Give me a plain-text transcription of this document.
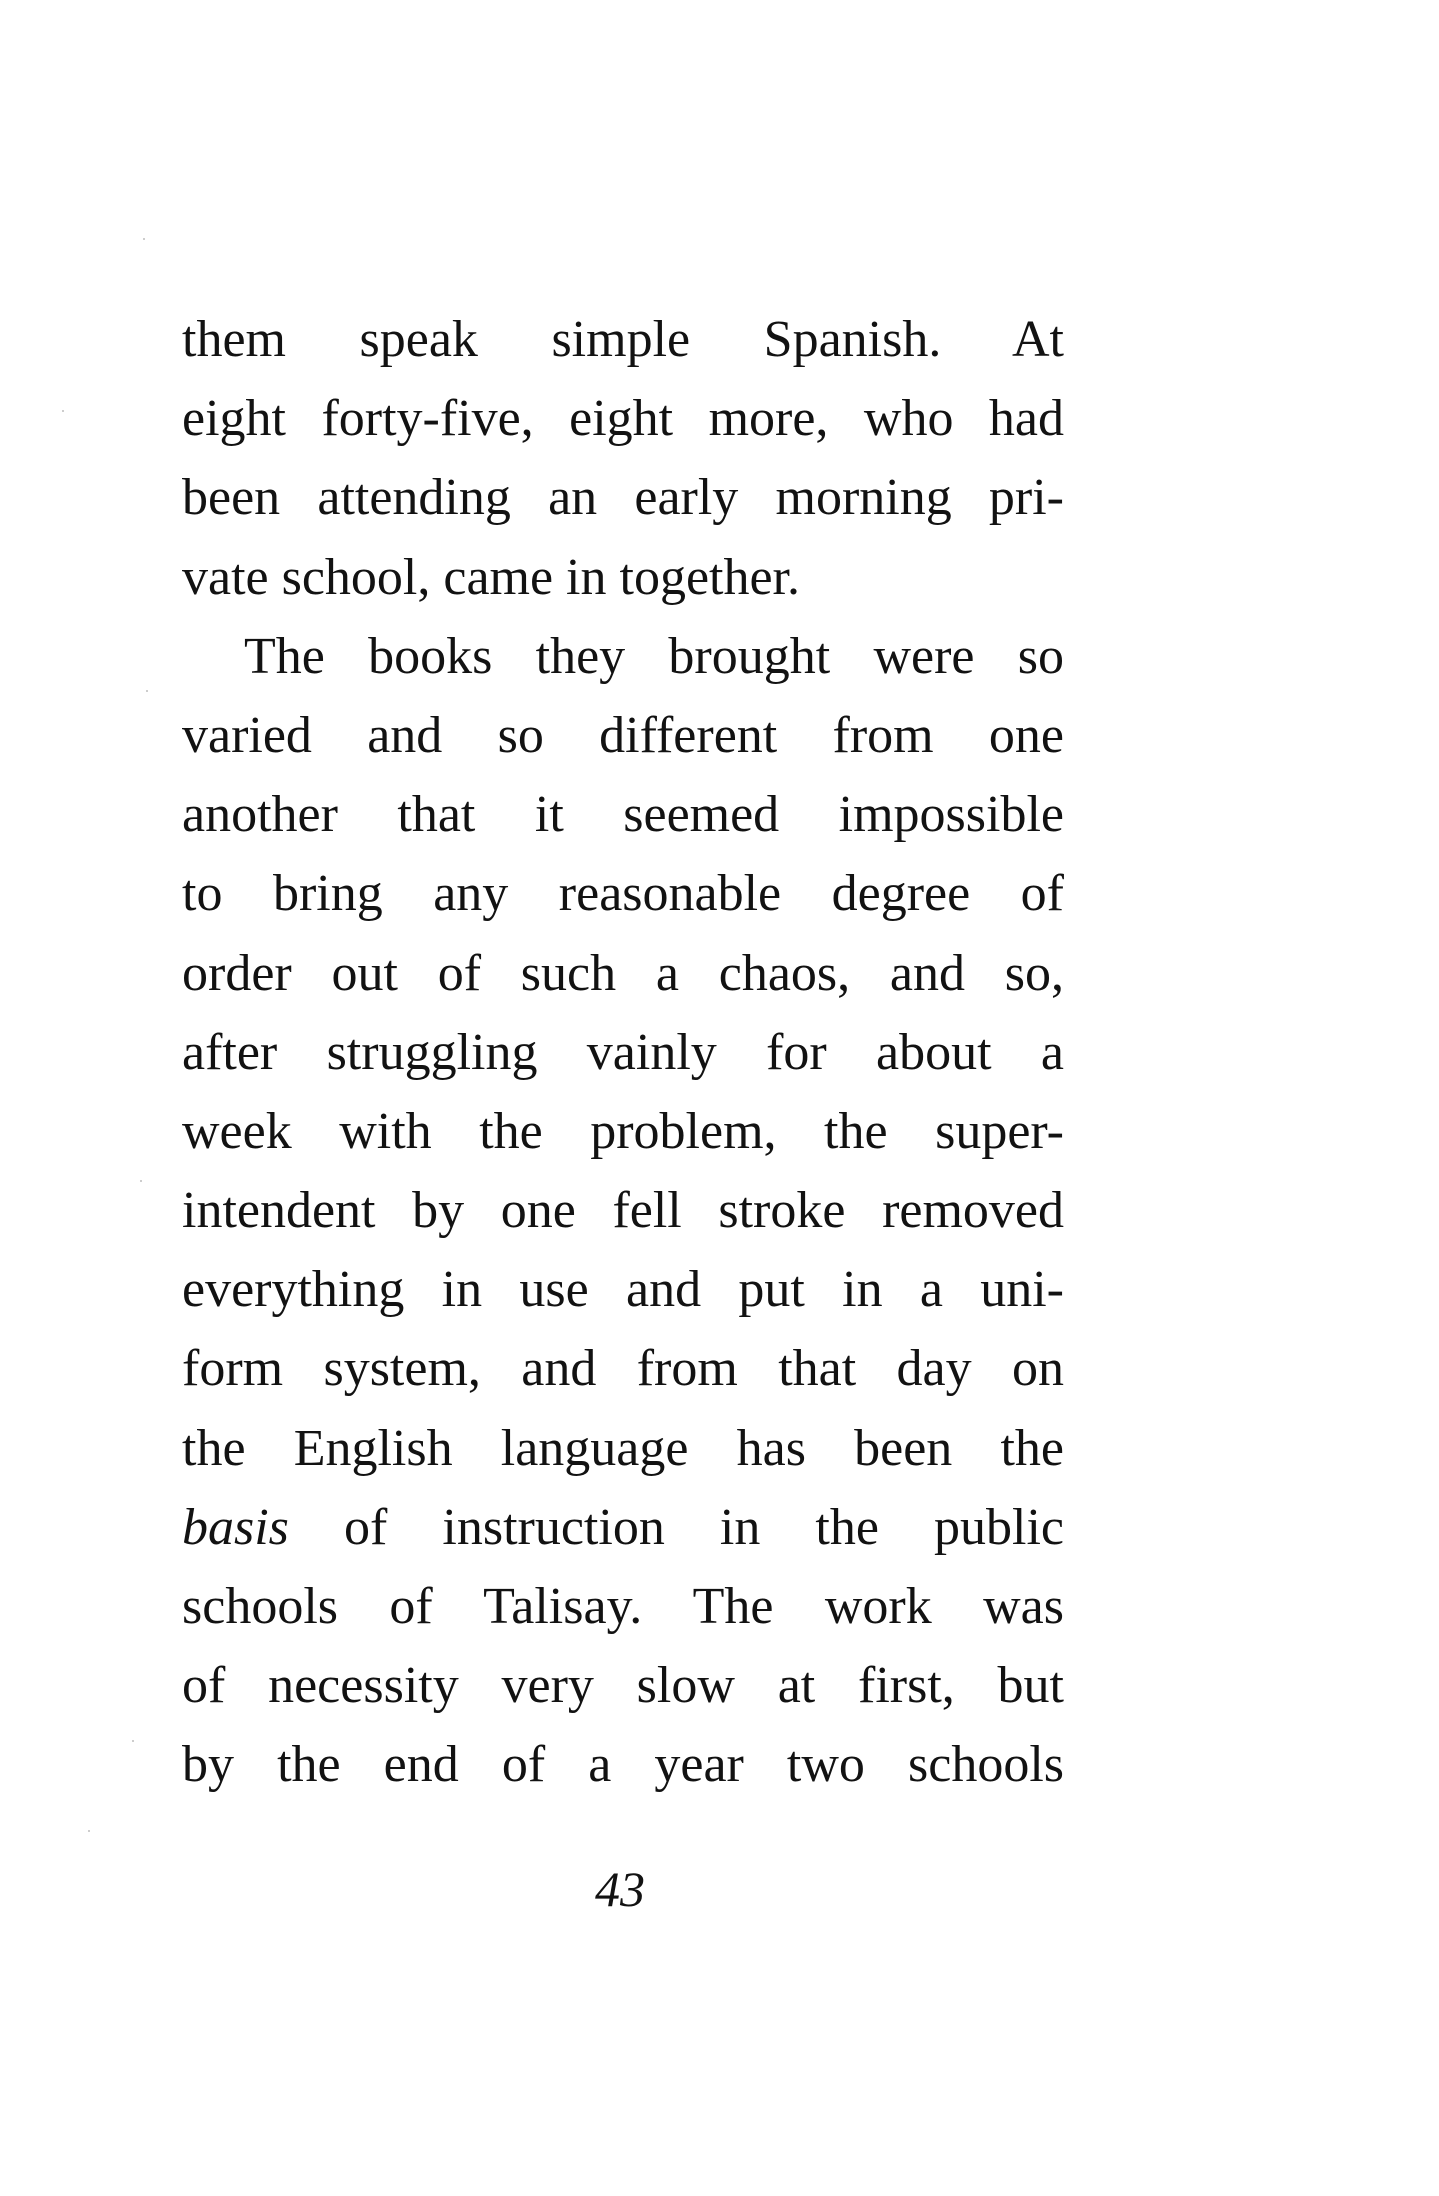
them speak simple Spanish. At
eight forty-five, eight more, who had
been attending an early morning pri-
vate school, came in together.
The books they brought were so
varied and so different from one
another that it seemed impossible
to bring any reasonable degree of
order out of such a chaos, and so,
after struggling vainly for about a
week with the problem, the super-
intendent by one fell stroke removed
everything in use and put in a uni-
form system, and from that day on
the English language has been the
basis of instruction in the public
schools of Talisay. The work was
of necessity very slow at first, but
by the end of a year two schools
43
